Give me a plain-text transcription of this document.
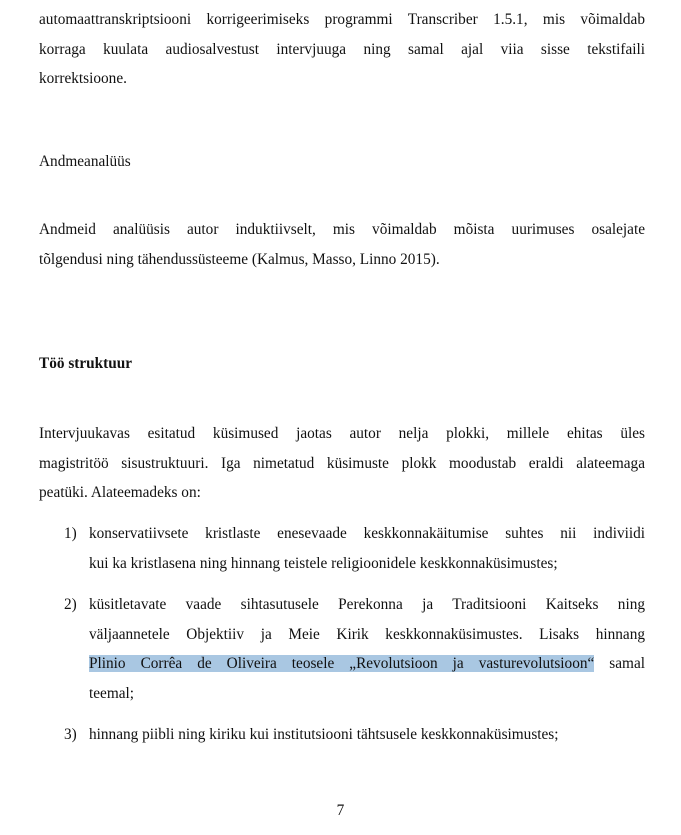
automaattranskriptsiooni korrigeerimiseks programmi Transcriber 1.5.1, mis võimaldab
korraga kuulata audiosalvestust intervjuuga ning samal ajal viia sisse tekstifaili
korrektsioone.
Andmeanalüüs
Andmeid analüüsis autor induktiivselt, mis võimaldab mõista uurimuses osalejate
tõlgendusi ning tähendussüsteeme (Kalmus, Masso, Linno 2015).
Töö struktuur
Intervjuukavas esitatud küsimused jaotas autor nelja plokki, millele ehitas üles
magistritöö sisustruktuuri. Iga nimetatud küsimuste plokk moodustab eraldi alateemaga
peatüki. Alateemadeks on:
1) konservatiivsete kristlaste enesevaade keskkonnakäitumise suhtes nii indiviidi
kui ka kristlasena ning hinnang teistele religioonidele keskkonnaküsimustes;
2) küsitletavate vaade sihtasutusele Perekonna ja Traditsiooni Kaitseks ning
väljaannetele Objektiiv ja Meie Kirik keskkonnaküsimustes. Lisaks hinnang
Plinio Corrêa de Oliveira teosele „Revolutsioon ja vasturevolutsioon“ samal
teemal;
3) hinnang piibli ning kiriku kui institutsiooni tähtsusele keskkonnaküsimustes;
7
